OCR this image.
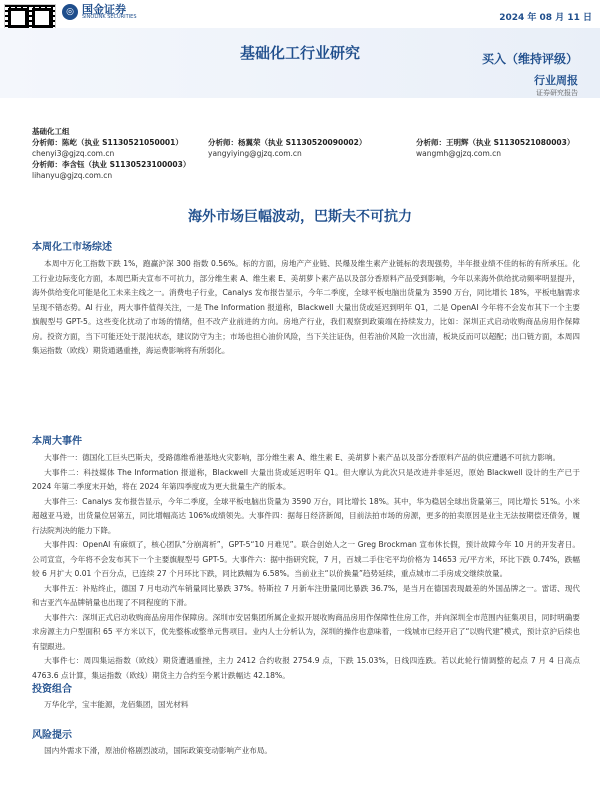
◎ 国金证券
SINOLINK SECURITIES	2024 年 08 月 11 日
基础化工行业研究	买入（维持评级）
行业周报
证券研究报告
基础化工组
分析师：陈屹（执业 S1130521050001）
chenyi3@gjzq.com.cn
分析师：杨翼荣（执业 S1130520090002）
yangyiying@gjzq.com.cn
分析师：王明辉（执业 S1130521080003）
wangmh@gjzq.com.cn
分析师：李含钰（执业 S1130523100003）
lihanyu@gjzq.com.cn
海外市场巨幅波动，巴斯夫不可抗力
本周化工市场综述
本周中万化工指数下跌 1%，跑赢沪深 300 指数 0.56%。标的方面，房地产产业链、民爆及维生素产业链标的表现强势，半年报业绩不佳的标的有所承压。化工行业边际变化方面，本周巴斯夫宣布不可抗力，部分维生素 A、维生素 E、美胡萝卜素产品以及部分香原料产品受到影响，今年以来海外供给扰动频率明显提升，海外供给变化可能是化工未来主线之一。消费电子行业，Canalys 发布报告显示，今年二季度，全球平板电脑出货量为 3590 万台，同比增长 18%，平板电脑需求呈现不错态势。AI 行业，两大事件值得关注，一是 The Information 报道称，Blackwell 大量出货或延迟到明年 Q1，二是 OpenAI 今年将不会发布其下一个主要旗舰型号 GPT-5。这些变化扰动了市场的情绪，但不改产业前进的方向。房地产行业，我们观察到政策端在持续发力，比如：深圳正式启动收购商品房用作保障房。投资方面，当下可能还处于混沌状态，建议防守为主；市场也担心油价风险，当下关注证伪，但若油价风险一次出清，板块反而可以超配；出口链方面，本周四集运指数（欧线）期货通遇重挫，海运费影响将有所弱化。
本周大事件
大事件一：德国化工巨头巴斯夫，受路德维希港基地火灾影响，部分维生素 A、维生素 E、美胡萝卜素产品以及部分香原料产品的供应遭遇不可抗力影响。
大事件二：科技媒体 The Information 报道称，Blackwell 大量出货或延迟明年 Q1。但大摩认为此次只是改进并非延迟，原始 Blackwell 设计的生产已于 2024 年第二季度末开始，将在 2024 年第四季度成为更大批量生产的版本。
大事件三：Canalys 发布报告显示，今年二季度，全球平板电脑出货量为 3590 万台，同比增长 18%。其中，华为稳居全球出货量第三，同比增长 51%。小米超越亚马逊，出货量位居第五，同比增幅高达 106%成绩领先。大事件四：据每日经济新闻，目前法拍市场的房源，更多的拍卖原因是业主无法按期偿还债务，履行法院判决的能力下降。
大事件四：OpenAI 有麻烦了，核心团队“分崩离析”，GPT-5“10 月难见”。联合创始人之一 Greg Brockman 宣布休长假，预计故障今年 10 月的开发者日。公司宣宣，今年将不会发布其下一个主要旗舰型号 GPT-5。大事件六：据中指研究院，7 月，百城二手住宅平均价格为 14653 元/平方米，环比下跌 0.74%，跌幅较 6 月扩大 0.01 个百分点，已连续 27 个月环比下跌，同比跌幅为 6.58%。当前业主“以价换量”趋势延续，重点城市二手房成交继续放量。
大事件五：补贴终止，德国 7 月电动汽车销量同比暴跌 37%。特斯拉 7 月新车注册量同比暴跌 36.7%，是当月在德国表现最差的外国品牌之一。雷诺、现代和吉亚汽车品牌销量也出现了不同程度的下滑。
大事件六：深圳正式启动收购商品房用作保障房。深圳市安居集团所属企业拟开展收购商品房用作保障性住房工作，并向深圳全市范围内征集项目，同时明确要求房源主力户型面积 65 平方米以下，优先整栋或整单元售项目。业内人士分析认为，深圳的操作也意味着，一线城市已经开启了“以购代建”模式，预计京沪后续也有望跟进。
大事件七：周四集运指数（欧线）期货遭遇重挫，主力 2412 合约收报 2754.9 点，下跌 15.03%，日线四连跌。若以此轮行情调整的起点 7 月 4 日高点 4763.6 点计算，集运指数（欧线）期货主力合约至今累计跌幅达 42.18%。
投资组合
万华化学，宝丰能源，龙佰集团，国光材料
风险提示
国内外需求下滑，原油价格剧烈波动，国际政策变动影响产业布局。
